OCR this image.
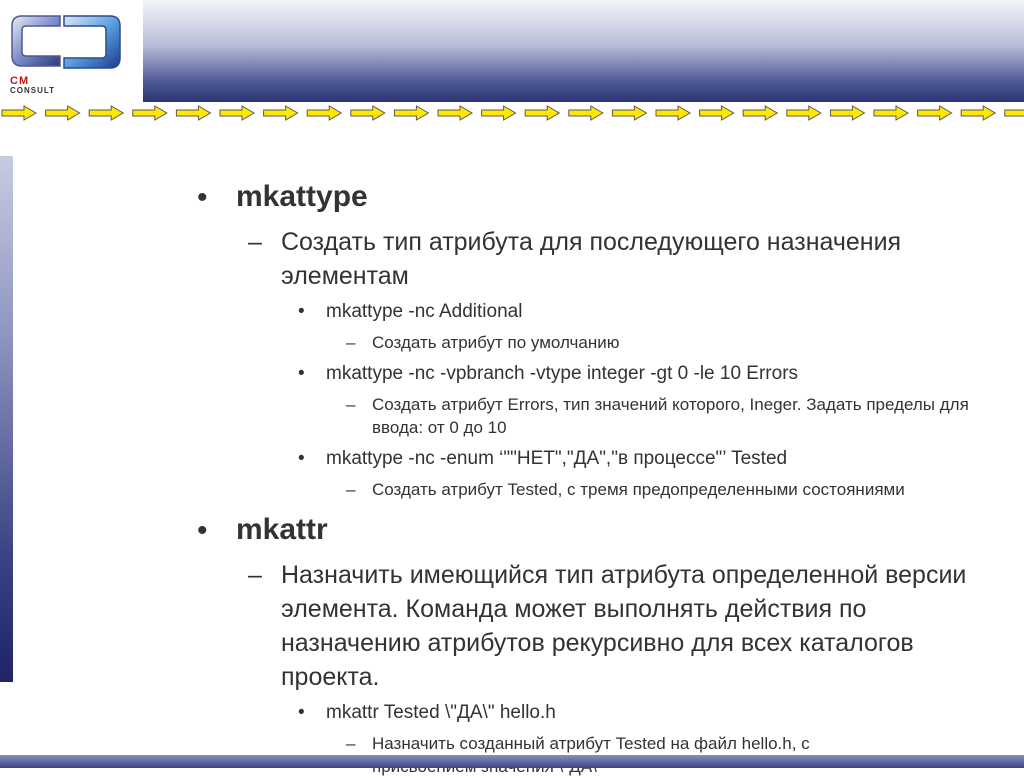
CM
CONSULT
• mkattype
– Создать тип атрибута для последующего назначения элементам
• mkattype -nc Additional
– Создать атрибут по умолчанию
• mkattype -nc -vpbranch -vtype integer -gt 0 -le 10 Errors
– Создать атрибут Errors, тип значений которого, Ineger. Задать пределы для ввода: от 0 до 10
• mkattype -nc -enum ‘""НЕТ","ДА","в процессе"’ Tested
– Создать атрибут Tested, с тремя предопределенными состояниями
• mkattr
– Назначить имеющийся тип атрибута определенной версии элемента. Команда может выполнять действия по назначению атрибутов рекурсивно для всех каталогов проекта.
• mkattr Tested \"ДА\" hello.h
– Назначить созданный атрибут Tested на файл hello.h, с
